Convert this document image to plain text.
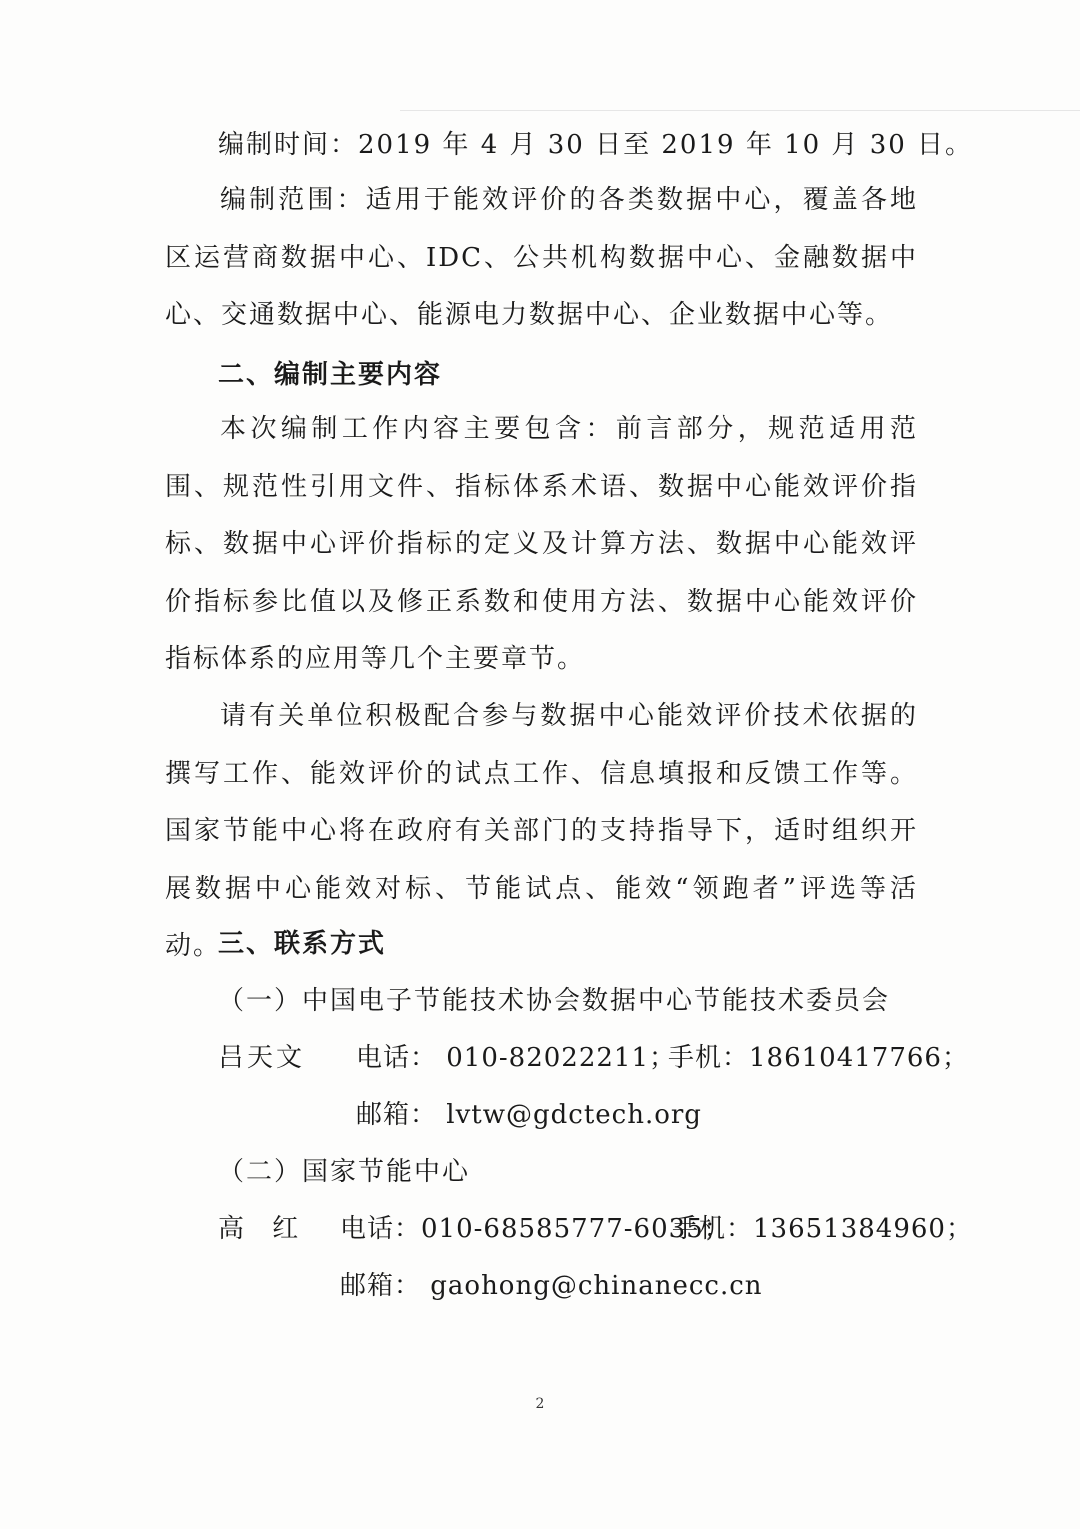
编制时间：2019 年 4 月 30 日至 2019 年 10 月 30 日。

编制范围：适用于能效评价的各类数据中心，覆盖各地区运营商数据中心、IDC、公共机构数据中心、金融数据中心、交通数据中心、能源电力数据中心、企业数据中心等。

二、编制主要内容

本次编制工作内容主要包含：前言部分，规范适用范围、规范性引用文件、指标体系术语、数据中心能效评价指标、数据中心评价指标的定义及计算方法、数据中心能效评价指标参比值以及修正系数和使用方法、数据中心能效评价指标体系的应用等几个主要章节。

请有关单位积极配合参与数据中心能效评价技术依据的撰写工作、能效评价的试点工作、信息填报和反馈工作等。国家节能中心将在政府有关部门的支持指导下，适时组织开展数据中心能效对标、节能试点、能效“领跑者”评选等活动。

三、联系方式
（一）中国电子节能技术协会数据中心节能技术委员会
吕天文 电话： 010-82022211；
手机：18610417766；
邮箱： lvtw@gdctech.org
（二）国家节能中心
高 红 电话：010-68585777-6035；
手机：13651384960；
邮箱： gaohong@chinanecc.cn
2
